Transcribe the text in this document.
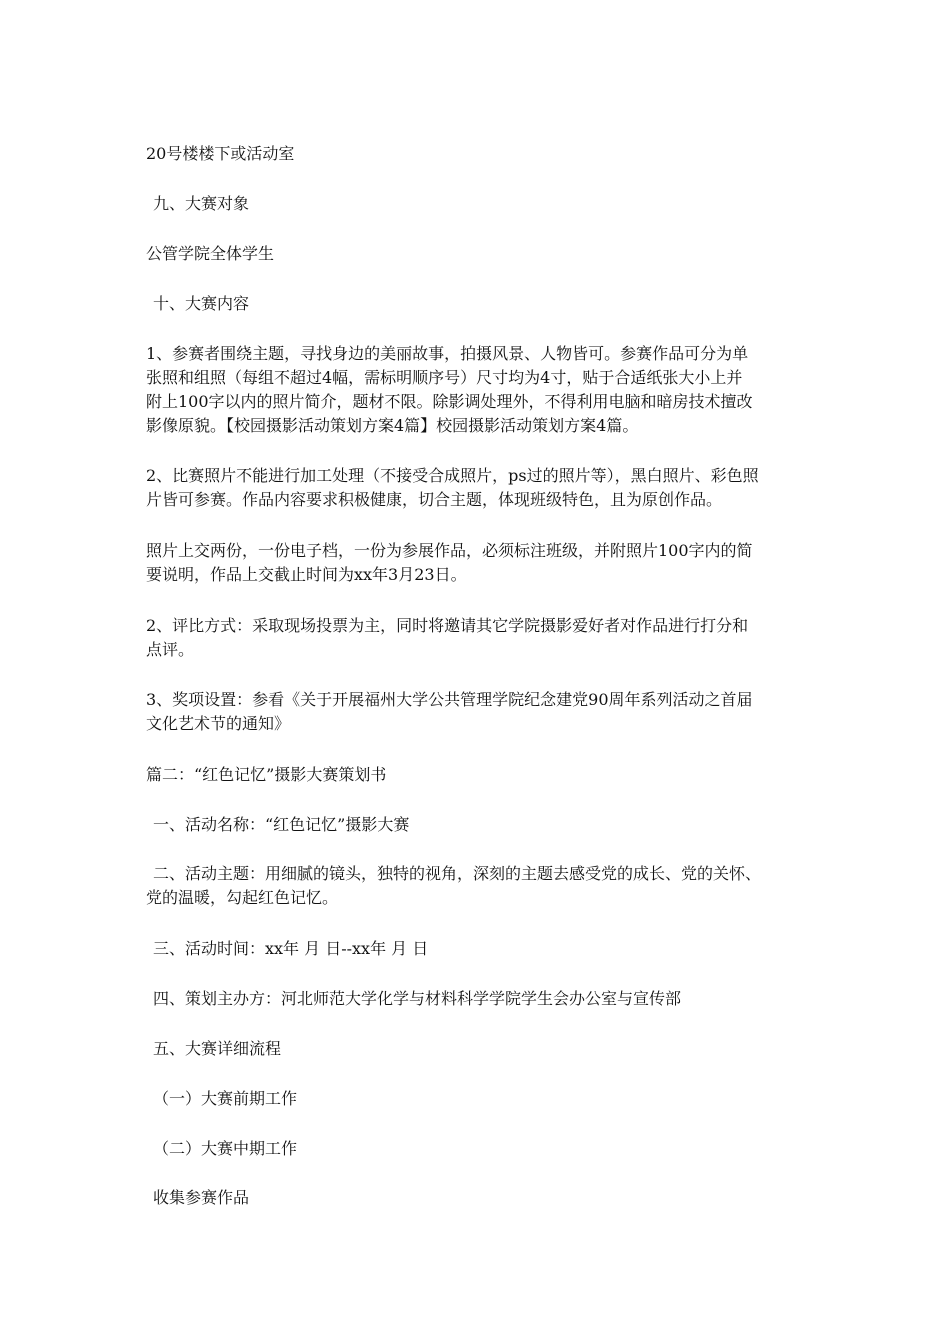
20号楼楼下或活动室

九、大赛对象

公管学院全体学生

十、大赛内容

1、参赛者围绕主题，寻找身边的美丽故事，拍摄风景、人物皆可。参赛作品可分为单
张照和组照（每组不超过4幅，需标明顺序号）尺寸均为4寸，贴于合适纸张大小上并
附上100字以内的照片简介，题材不限。除影调处理外，不得利用电脑和暗房技术擅改
影像原貌。【校园摄影活动策划方案4篇】校园摄影活动策划方案4篇。

2、比赛照片不能进行加工处理（不接受合成照片，ps过的照片等），黑白照片、彩色照
片皆可参赛。作品内容要求积极健康，切合主题，体现班级特色，且为原创作品。

照片上交两份，一份电子档，一份为参展作品，必须标注班级，并附照片100字内的简
要说明，作品上交截止时间为xx年3月23日。

2、评比方式：采取现场投票为主，同时将邀请其它学院摄影爱好者对作品进行打分和
点评。

3、奖项设置：参看《关于开展福州大学公共管理学院纪念建党90周年系列活动之首届
文化艺术节的通知》

篇二：“红色记忆”摄影大赛策划书

一、活动名称：“红色记忆”摄影大赛

二、活动主题：用细腻的镜头，独特的视角，深刻的主题去感受党的成长、党的关怀、
党的温暖，勾起红色记忆。

三、活动时间：xx年 月 日--xx年 月 日

四、策划主办方：河北师范大学化学与材料科学学院学生会办公室与宣传部

五、大赛详细流程

（一）大赛前期工作

（二）大赛中期工作

收集参赛作品
